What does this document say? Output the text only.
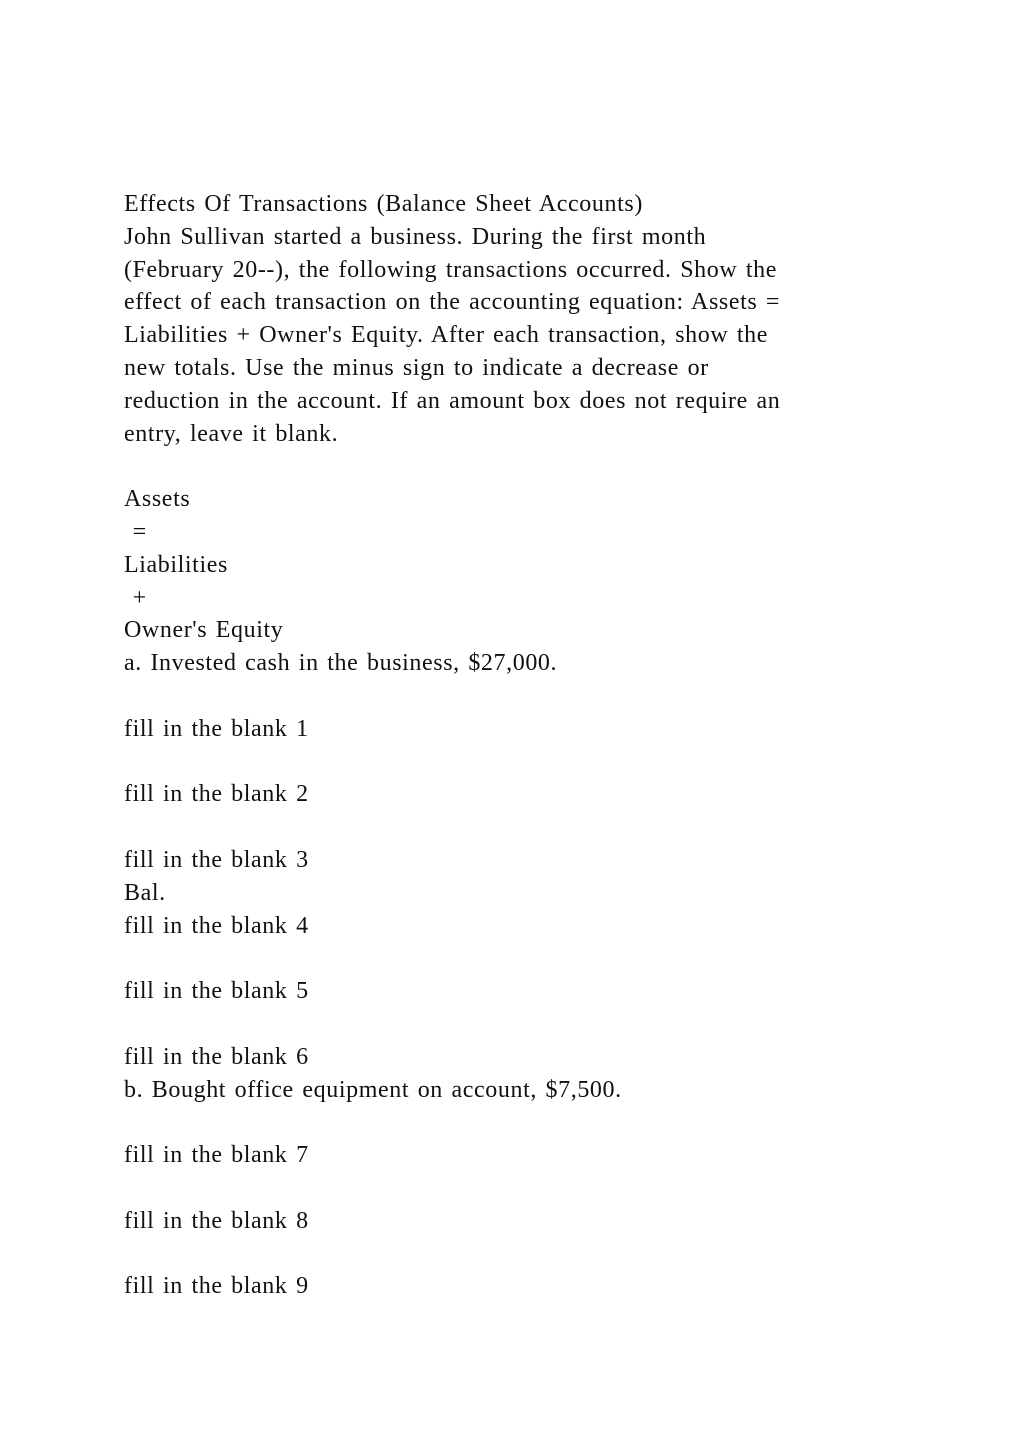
Effects Of Transactions (Balance Sheet Accounts)
John Sullivan started a business. During the first month
(February 20--), the following transactions occurred. Show the
effect of each transaction on the accounting equation: Assets =
Liabilities + Owner's Equity. After each transaction, show the
new totals. Use the minus sign to indicate a decrease or
reduction in the account. If an amount box does not require an
entry, leave it blank.
Assets
=
Liabilities
+
Owner's Equity
a. Invested cash in the business, $27,000.
fill in the blank 1
fill in the blank 2
fill in the blank 3
Bal.
fill in the blank 4
fill in the blank 5
fill in the blank 6
b. Bought office equipment on account, $7,500.
fill in the blank 7
fill in the blank 8
fill in the blank 9
